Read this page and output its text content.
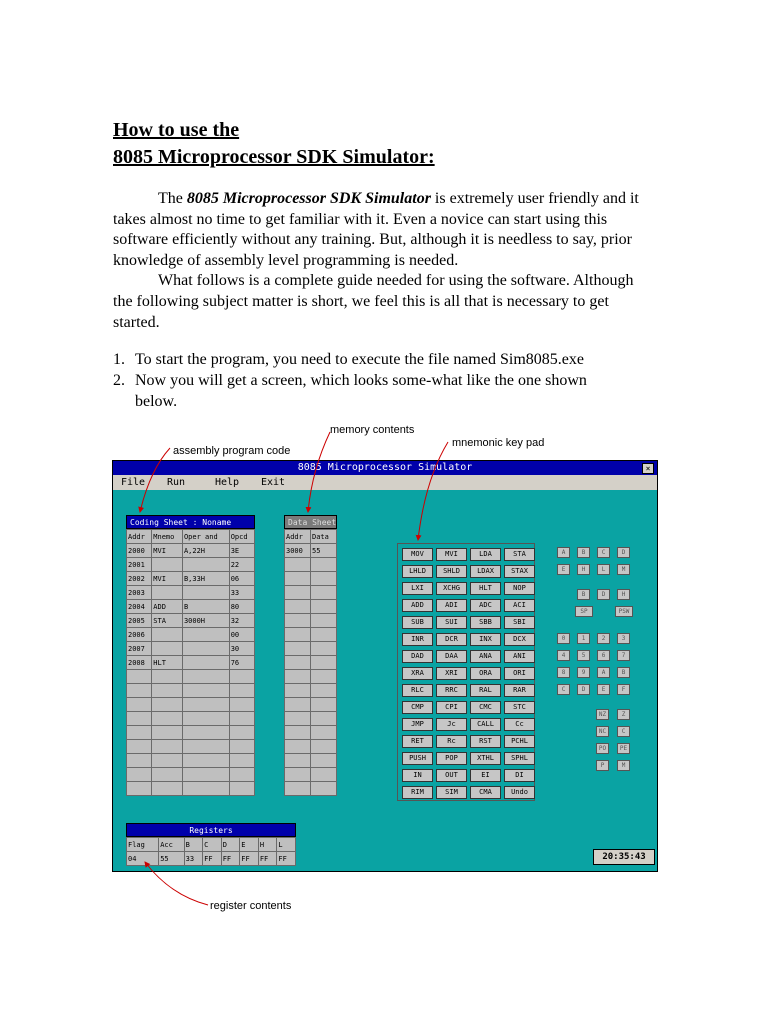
How to use the
8085 Microprocessor SDK Simulator:

The 8085 Microprocessor SDK Simulator is extremely user friendly and it takes almost no time to get familiar with it. Even a novice can start using this software efficiently without any training. But, although it is needless to say, prior knowledge of assembly level programming is needed.

What follows is a complete guide needed for using the software. Although the following subject matter is short, we feel this is all that is necessary to get started.

1. To start the program, you need to execute the file named Sim8085.exe
2. Now you will get a screen, which looks some-what like the one shown
below.
memory contents
assembly program code
mnemonic key pad
register contents
8085 Microprocessor Simulator	×
File Run	Help Exit
Coding Sheet : Noname
Addr	Mnemo	Oper and	Opcd
2000	MVI	A,22H	3E
2001			22
2002	MVI	B,33H	06
2003			33
2004	ADD	B	80
2005	STA	3000H	32
2006			00
2007			30
2008	HLT		76

Data Sheet
Addr	Data
3000	55

		MOV	MVI	LDA	STA
LHLD	SHLD	LDAX	STAX
LXI	XCHG	HLT	NOP
ADD	ADI	ADC	ACI
SUB	SUI	SBB	SBI
INR	DCR	INX	DCX
DAD	DAA	ANA	ANI
XRA	XRI	ORA	ORI
RLC	RRC	RAL	RAR
CMP	CPI	CMC	STC
JMP	Jc	CALL	Cc
RET	Rc	RST	PCHL
PUSH	POP	XTHL	SPHL
IN	OUT	EI	DI
RIM	SIM	CMA	Undo
A	B	C	D
E	H	L	M
B	D	H
SP	PSW
0	1	2	3
4	5	6	7
8	9	A	B
C	D	E	F
NZ	Z
NC	C
PO	PE
P	M
Registers
Flag	Acc	B	C	D	E	H	L
04	55	33	FF	FF	FF	FF	FF	20:35:43
